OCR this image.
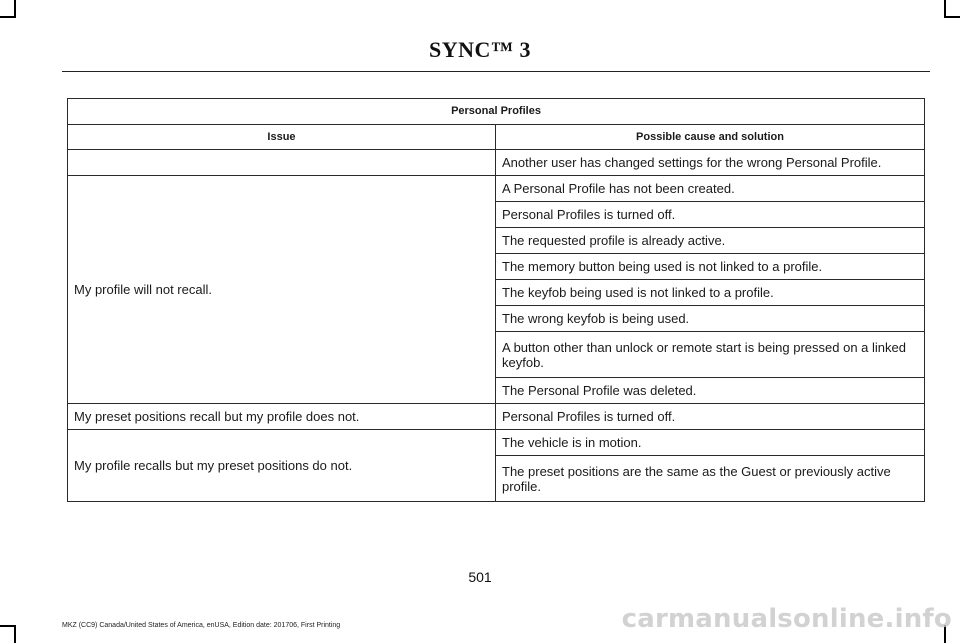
SYNC™ 3
Personal Profiles	
Issue	Possible cause and solution
	Another user has changed settings for the wrong Personal Profile.
My profile will not recall.	A Personal Profile has not been created.
	Personal Profiles is turned off.
	The requested profile is already active.
	The memory button being used is not linked to a profile.
	The keyfob being used is not linked to a profile.
	The wrong keyfob is being used.
	A button other than unlock or remote start is being pressed on a linked keyfob.
	The Personal Profile was deleted.
My preset positions recall but my profile does not.	Personal Profiles is turned off.
My profile recalls but my preset positions do not.	The vehicle is in motion.
	The preset positions are the same as the Guest or previously active profile.
501
MKZ (CC9) Canada/United States of America, enUSA, Edition date: 201706, First Printing	carmanualsonline.info
